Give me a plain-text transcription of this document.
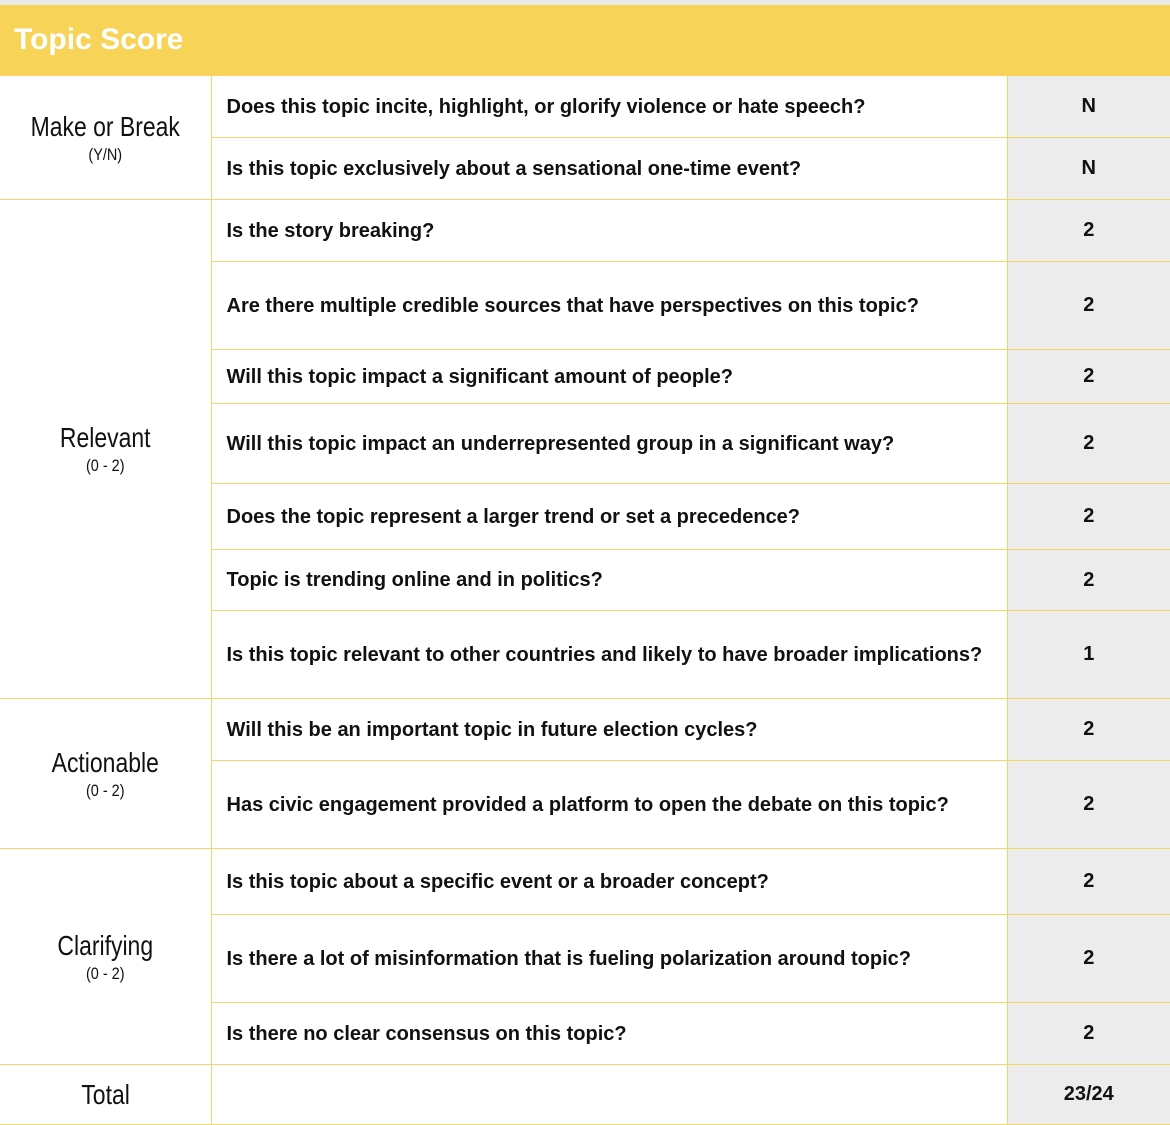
Topic Score
Make or Break
(Y/N)	Does this topic incite, highlight, or glorify violence or hate speech?	N
	Is this topic exclusively about a sensational one-time event?	N

Relevant
(0 - 2)	Is the story breaking?	2
	Are there multiple credible sources that have perspectives on this topic?	2
	Will this topic impact a significant amount of people?	2
	Will this topic impact an underrepresented group in a significant way?	2
	Does the topic represent a larger trend or set a precedence?	2
	Topic is trending online and in politics?	2
	Is this topic relevant to other countries and likely to have broader implications?	1

Actionable
(0 - 2)	Will this be an important topic in future election cycles?	2
	Has civic engagement provided a platform to open the debate on this topic?	2

Clarifying
(0 - 2)	Is this topic about a specific event or a broader concept?	2
	Is there a lot of misinformation that is fueling polarization around topic?	2
	Is there no clear consensus on this topic?	2
Total		23/24
